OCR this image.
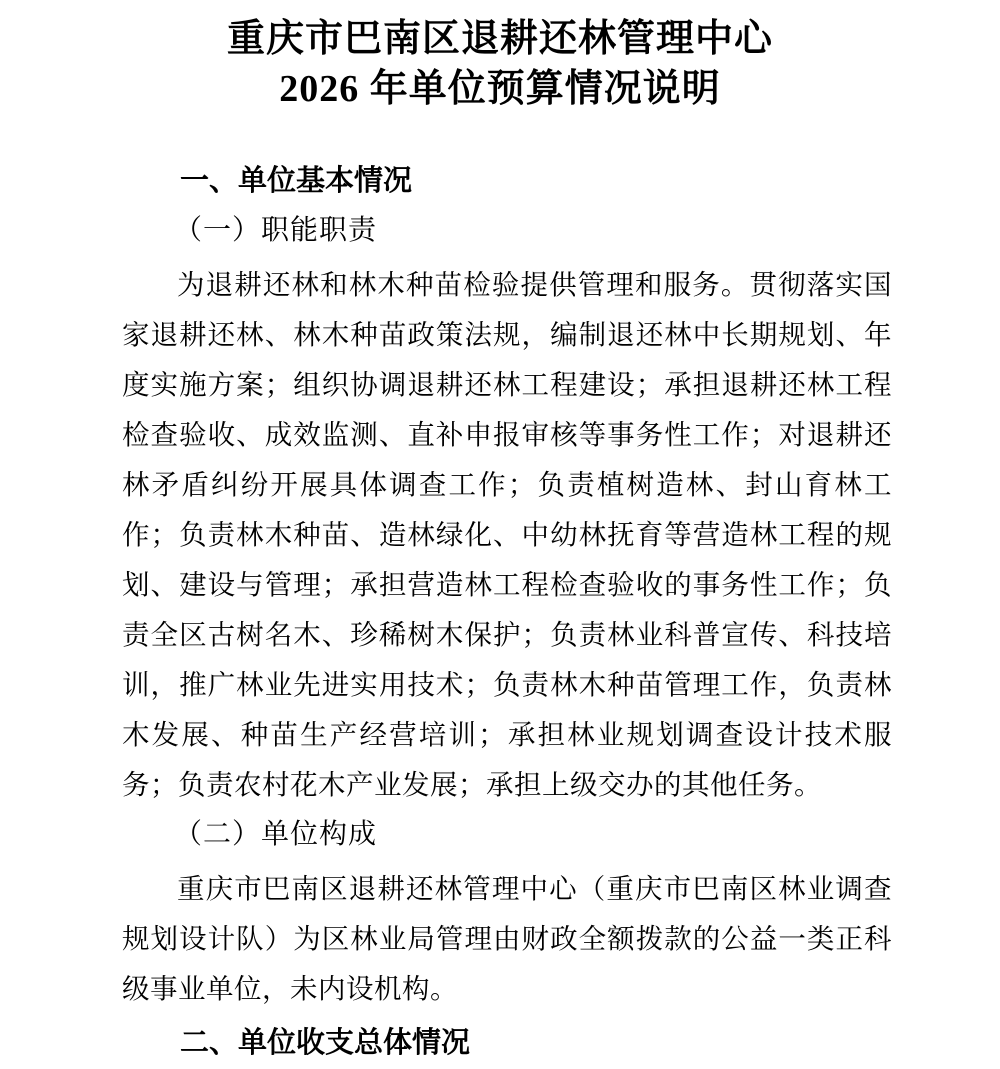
重庆市巴南区退耕还林管理中心
2026 年单位预算情况说明
一、单位基本情况
（一）职能职责
为退耕还林和林木种苗检验提供管理和服务。贯彻落实国家退耕还林、林木种苗政策法规，编制退还林中长期规划、年度实施方案；组织协调退耕还林工程建设；承担退耕还林工程检查验收、成效监测、直补申报审核等事务性工作；对退耕还林矛盾纠纷开展具体调查工作；负责植树造林、封山育林工作；负责林木种苗、造林绿化、中幼林抚育等营造林工程的规划、建设与管理；承担营造林工程检查验收的事务性工作；负责全区古树名木、珍稀树木保护；负责林业科普宣传、科技培训，推广林业先进实用技术；负责林木种苗管理工作，负责林木发展、种苗生产经营培训；承担林业规划调查设计技术服务；负责农村花木产业发展；承担上级交办的其他任务。
（二）单位构成
重庆市巴南区退耕还林管理中心（重庆市巴南区林业调查规划设计队）为区林业局管理由财政全额拨款的公益一类正科级事业单位，未内设机构。
二、单位收支总体情况
